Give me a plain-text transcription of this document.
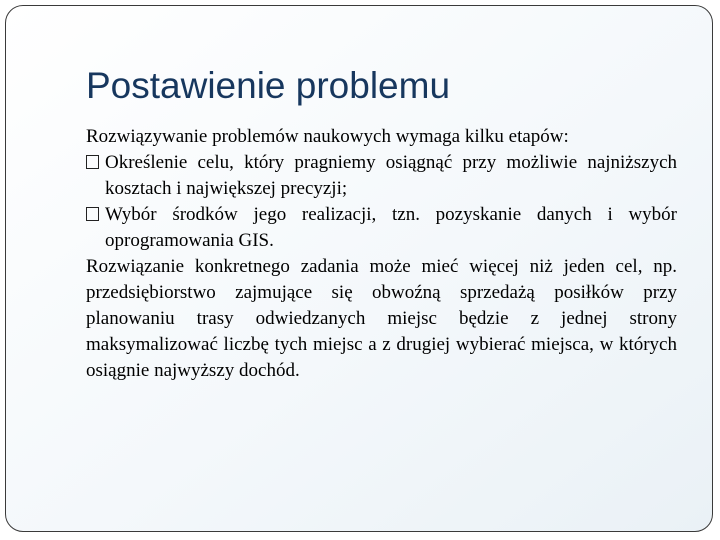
Postawienie problemu

Rozwiązywanie problemów naukowych wymaga kilku etapów:

Określenie celu, który pragniemy osiągnąć przy możliwie najniższych kosztach i największej precyzji;

Wybór środków jego realizacji, tzn. pozyskanie danych i wybór oprogramowania GIS.

Rozwiązanie konkretnego zadania może mieć więcej niż jeden cel, np. przedsiębiorstwo zajmujące się obwoźną sprzedażą posiłków przy planowaniu trasy odwiedzanych miejsc będzie z jednej strony maksymalizować liczbę tych miejsc a z drugiej wybierać miejsca, w których osiągnie najwyższy dochód.
